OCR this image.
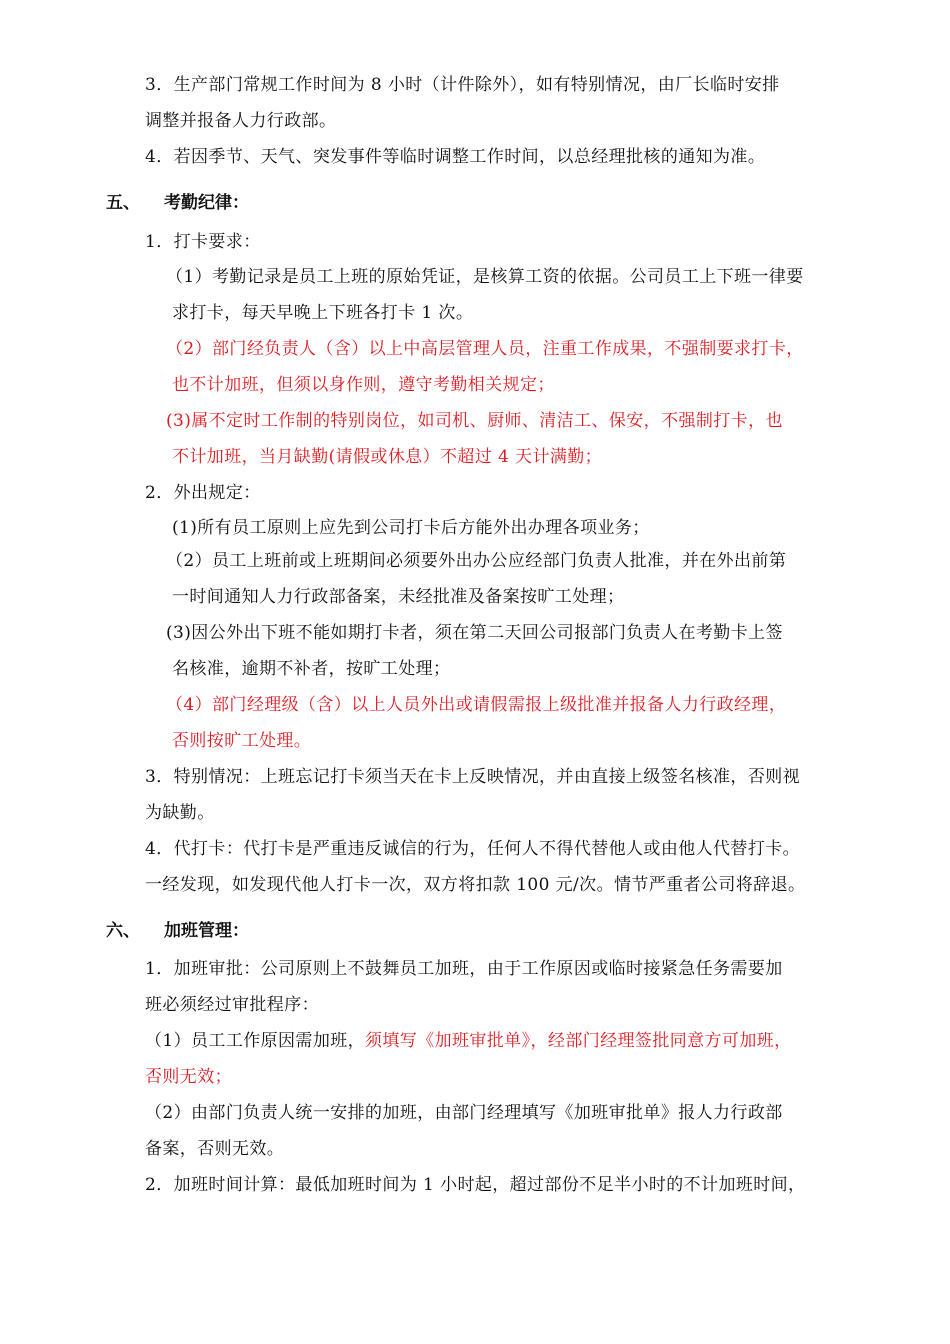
3．生产部门常规工作时间为 8 小时（计件除外），如有特别情况，由厂长临时安排
调整并报备人力行政部。
4．若因季节、天气、突发事件等临时调整工作时间，以总经理批核的通知为准。
五、 考勤纪律：
1．打卡要求：
（1）考勤记录是员工上班的原始凭证，是核算工资的依据。公司员工上下班一律要
求打卡，每天早晚上下班各打卡 1 次。
（2）部门经负责人（含）以上中高层管理人员，注重工作成果，不强制要求打卡，
也不计加班，但须以身作则，遵守考勤相关规定；
(3)属不定时工作制的特别岗位，如司机、厨师、清洁工、保安，不强制打卡，也
不计加班，当月缺勤(请假或休息）不超过 4 天计满勤；
2．外出规定：
(1)所有员工原则上应先到公司打卡后方能外出办理各项业务；
（2）员工上班前或上班期间必须要外出办公应经部门负责人批准，并在外出前第
一时间通知人力行政部备案，未经批准及备案按旷工处理；
(3)因公外出下班不能如期打卡者，须在第二天回公司报部门负责人在考勤卡上签
名核准，逾期不补者，按旷工处理；
（4）部门经理级（含）以上人员外出或请假需报上级批准并报备人力行政经理，
否则按旷工处理。
3．特别情况：上班忘记打卡须当天在卡上反映情况，并由直接上级签名核准，否则视
为缺勤。
4．代打卡：代打卡是严重违反诚信的行为，任何人不得代替他人或由他人代替打卡。
一经发现，如发现代他人打卡一次，双方将扣款 100 元/次。情节严重者公司将辞退。
六、 加班管理：
1．加班审批：公司原则上不鼓舞员工加班，由于工作原因或临时接紧急任务需要加
班必须经过审批程序：
（1）员工工作原因需加班，须填写《加班审批单》，经部门经理签批同意方可加班，
否则无效；
（2）由部门负责人统一安排的加班，由部门经理填写《加班审批单》报人力行政部
备案，否则无效。
2．加班时间计算：最低加班时间为 1 小时起，超过部份不足半小时的不计加班时间，
